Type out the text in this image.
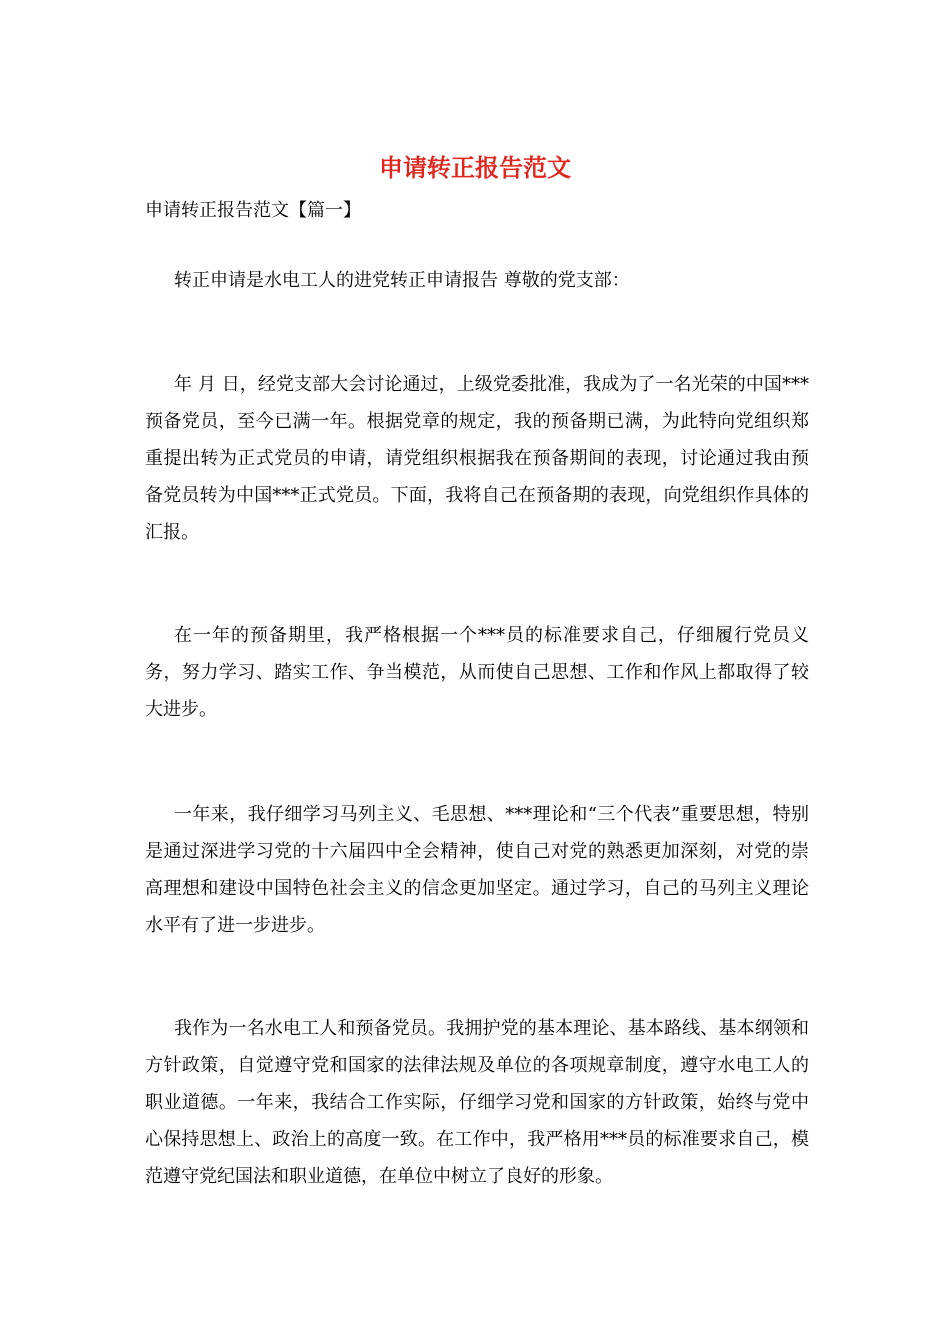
申请转正报告范文

申请转正报告范文【篇一】

转正申请是水电工人的进党转正申请报告 尊敬的党支部：

年 月 日，经党支部大会讨论通过，上级党委批准，我成为了一名光荣的中国***预备党员，至今已满一年。根据党章的规定，我的预备期已满，为此特向党组织郑重提出转为正式党员的申请，请党组织根据我在预备期间的表现，讨论通过我由预备党员转为中国***正式党员。下面，我将自己在预备期的表现，向党组织作具体的汇报。

在一年的预备期里，我严格根据一个***员的标准要求自己，仔细履行党员义务，努力学习、踏实工作、争当模范，从而使自己思想、工作和作风上都取得了较大进步。

一年来，我仔细学习马列主义、毛思想、***理论和“三个代表”重要思想，特别是通过深进学习党的十六届四中全会精神，使自己对党的熟悉更加深刻，对党的崇高理想和建设中国特色社会主义的信念更加坚定。通过学习，自己的马列主义理论水平有了进一步进步。

我作为一名水电工人和预备党员。我拥护党的基本理论、基本路线、基本纲领和方针政策，自觉遵守党和国家的法律法规及单位的各项规章制度，遵守水电工人的职业道德。一年来，我结合工作实际，仔细学习党和国家的方针政策，始终与党中心保持思想上、政治上的高度一致。在工作中，我严格用***员的标准要求自己，模范遵守党纪国法和职业道德，在单位中树立了良好的形象。
